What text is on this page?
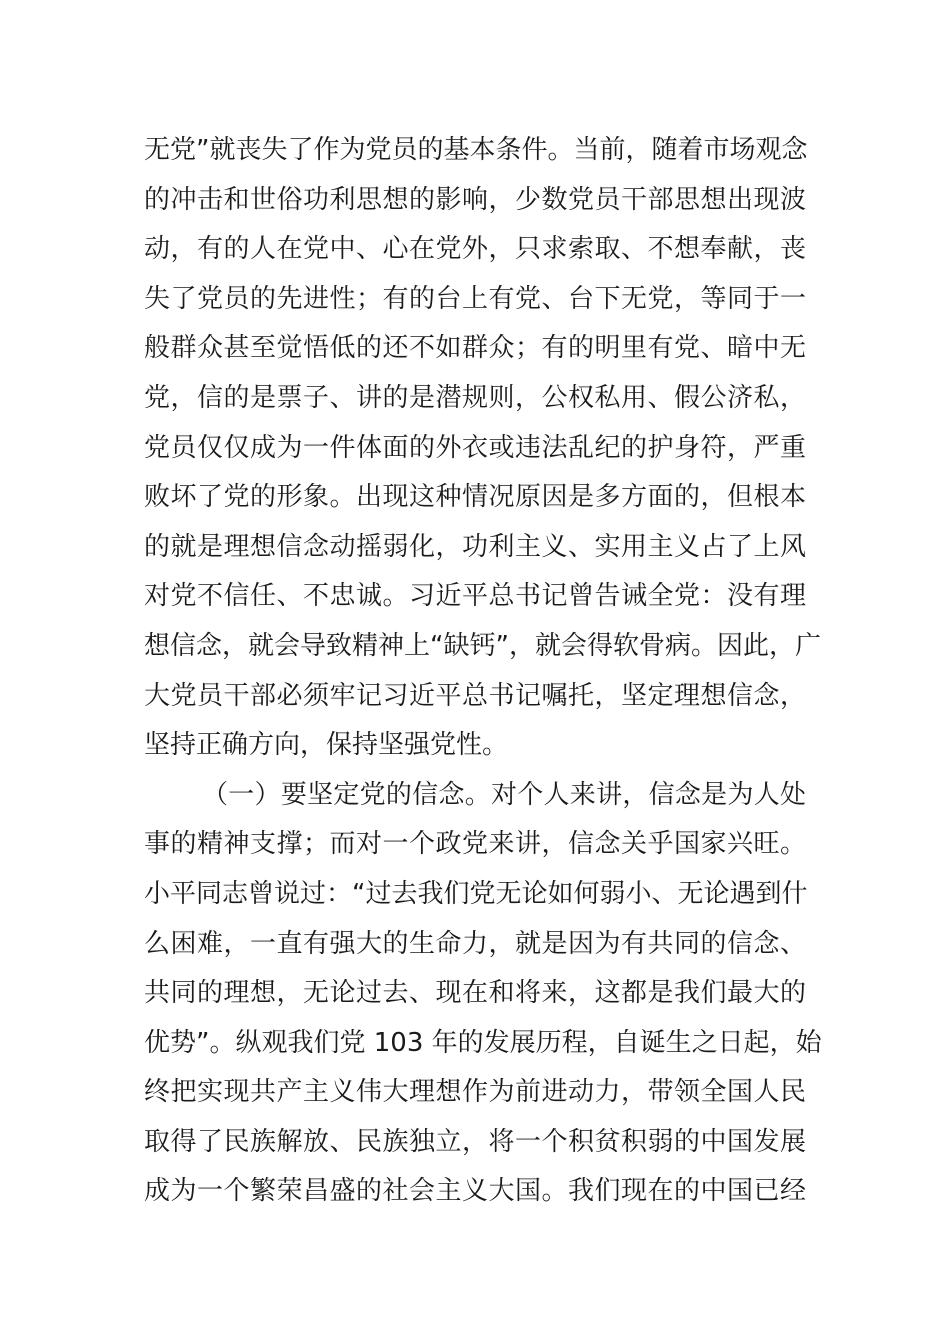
无党”就丧失了作为党员的基本条件。当前，随着市场观念
的冲击和世俗功利思想的影响，少数党员干部思想出现波
动，有的人在党中、心在党外，只求索取、不想奉献，丧
失了党员的先进性；有的台上有党、台下无党，等同于一
般群众甚至觉悟低的还不如群众；有的明里有党、暗中无
党，信的是票子、讲的是潜规则，公权私用、假公济私，
党员仅仅成为一件体面的外衣或违法乱纪的护身符，严重
败坏了党的形象。出现这种情况原因是多方面的，但根本
的就是理想信念动摇弱化，功利主义、实用主义占了上风
对党不信任、不忠诚。习近平总书记曾告诫全党：没有理
想信念，就会导致精神上“缺钙”，就会得软骨病。因此，广
大党员干部必须牢记习近平总书记嘱托，坚定理想信念，
坚持正确方向，保持坚强党性。
（一）要坚定党的信念。对个人来讲，信念是为人处
事的精神支撑；而对一个政党来讲，信念关乎国家兴旺。
小平同志曾说过：“过去我们党无论如何弱小、无论遇到什
么困难，一直有强大的生命力，就是因为有共同的信念、
共同的理想，无论过去、现在和将来，这都是我们最大的
优势”。纵观我们党 103 年的发展历程，自诞生之日起，始
终把实现共产主义伟大理想作为前进动力，带领全国人民
取得了民族解放、民族独立，将一个积贫积弱的中国发展
成为一个繁荣昌盛的社会主义大国。我们现在的中国已经
